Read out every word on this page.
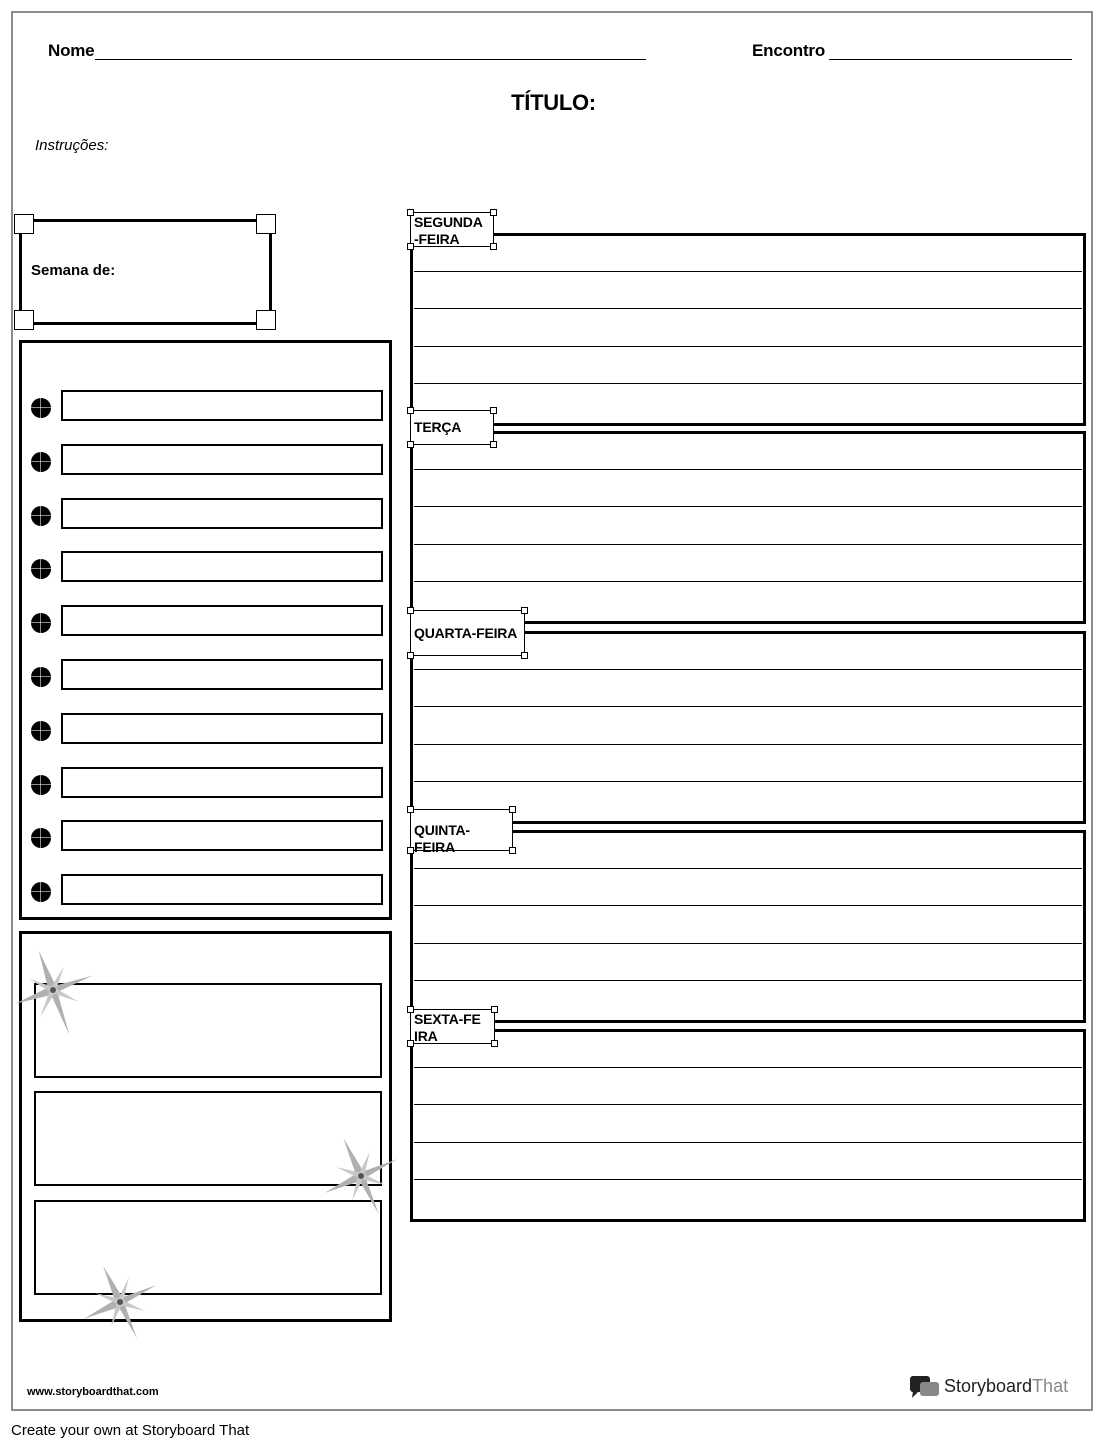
Nome	Encontro
TÍTULO:
Instruções:
Semana de:
SEGUNDA-FEIRA
TERÇA
QUARTA-FEIRA
QUINTA-FEIRA
SEXTA-FEIRA
www.storyboardthat.com	StoryboardThat
Create your own at Storyboard That
